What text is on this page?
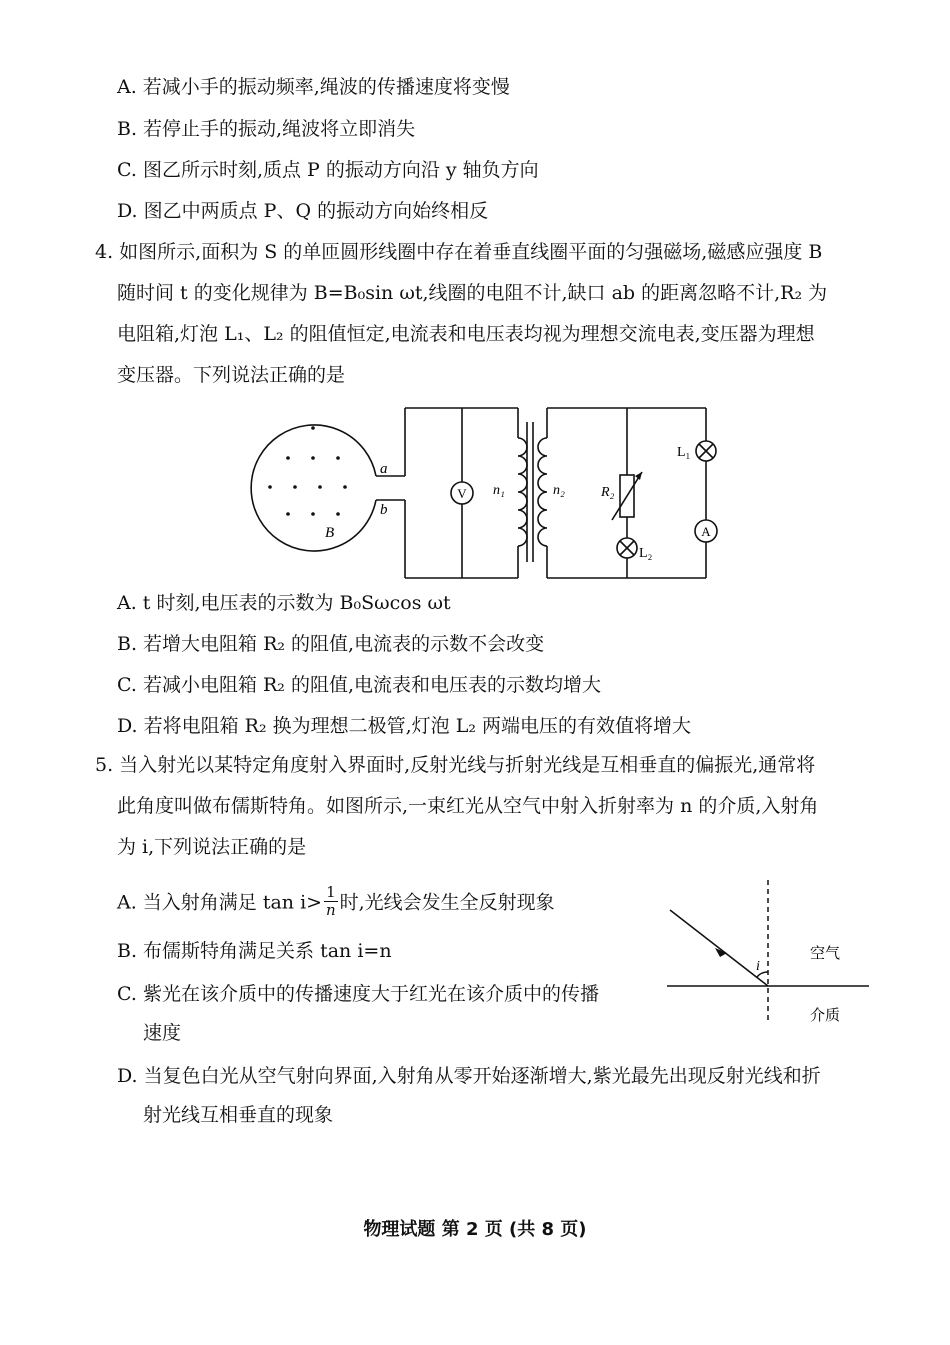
A. 若减小手的振动频率,绳波的传播速度将变慢
B. 若停止手的振动,绳波将立即消失
C. 图乙所示时刻,质点 P 的振动方向沿 y 轴负方向
D. 图乙中两质点 P、Q 的振动方向始终相反
4. 如图所示,面积为 S 的单匝圆形线圈中存在着垂直线圈平面的匀强磁场,磁感应强度 B
随时间 t 的变化规律为 B=B₀sin ωt,线圈的电阻不计,缺口 ab 的距离忽略不计,R₂ 为
电阻箱,灯泡 L₁、L₂ 的阻值恒定,电流表和电压表均视为理想交流电表,变压器为理想
变压器。下列说法正确的是
a
b
B
V
A
n₁	n₂	R₂
L₁
L₂
A. t 时刻,电压表的示数为 B₀Sωcos ωt
B. 若增大电阻箱 R₂ 的阻值,电流表的示数不会改变
C. 若减小电阻箱 R₂ 的阻值,电流表和电压表的示数均增大
D. 若将电阻箱 R₂ 换为理想二极管,灯泡 L₂ 两端电压的有效值将增大
5. 当入射光以某特定角度射入界面时,反射光线与折射光线是互相垂直的偏振光,通常将
此角度叫做布儒斯特角。如图所示,一束红光从空气中射入折射率为 n 的介质,入射角
为 i,下列说法正确的是
A. 当入射角满足 $\tan i> \frac{1}{n}$ 时,光线会发生全反射现象
B. 布儒斯特角满足关系 tan i=n
C. 紫光在该介质中的传播速度大于红光在该介质中的传播
速度
D. 当复色白光从空气射向界面,入射角从零开始逐渐增大,紫光最先出现反射光线和折
射光线互相垂直的现象
i
空气
介质
物理试题 第 2 页 (共 8 页)
